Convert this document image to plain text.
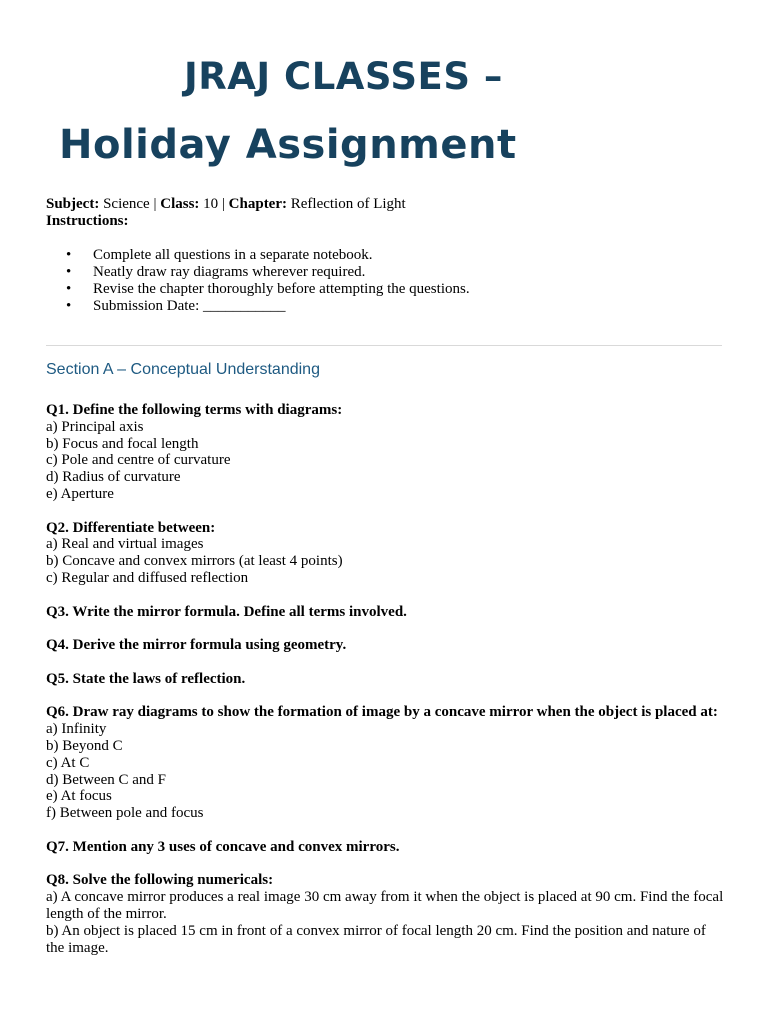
JRAJ CLASSES –
Holiday Assignment
Subject: Science | Class: 10 | Chapter: Reflection of Light
Instructions:
• Complete all questions in a separate notebook.
• Neatly draw ray diagrams wherever required.
• Revise the chapter thoroughly before attempting the questions.
• Submission Date: ___________
Section A – Conceptual Understanding
Q1. Define the following terms with diagrams:
a) Principal axis
b) Focus and focal length
c) Pole and centre of curvature
d) Radius of curvature
e) Aperture
Q2. Differentiate between:
a) Real and virtual images
b) Concave and convex mirrors (at least 4 points)
c) Regular and diffused reflection
Q3. Write the mirror formula. Define all terms involved.
Q4. Derive the mirror formula using geometry.
Q5. State the laws of reflection.
Q6. Draw ray diagrams to show the formation of image by a concave mirror when the object is placed at:
a) Infinity
b) Beyond C
c) At C
d) Between C and F
e) At focus
f) Between pole and focus
Q7. Mention any 3 uses of concave and convex mirrors.
Q8. Solve the following numericals:
a) A concave mirror produces a real image 30 cm away from it when the object is placed at 90 cm. Find the focal length of the mirror.
b) An object is placed 15 cm in front of a convex mirror of focal length 20 cm. Find the position and nature of the image.
